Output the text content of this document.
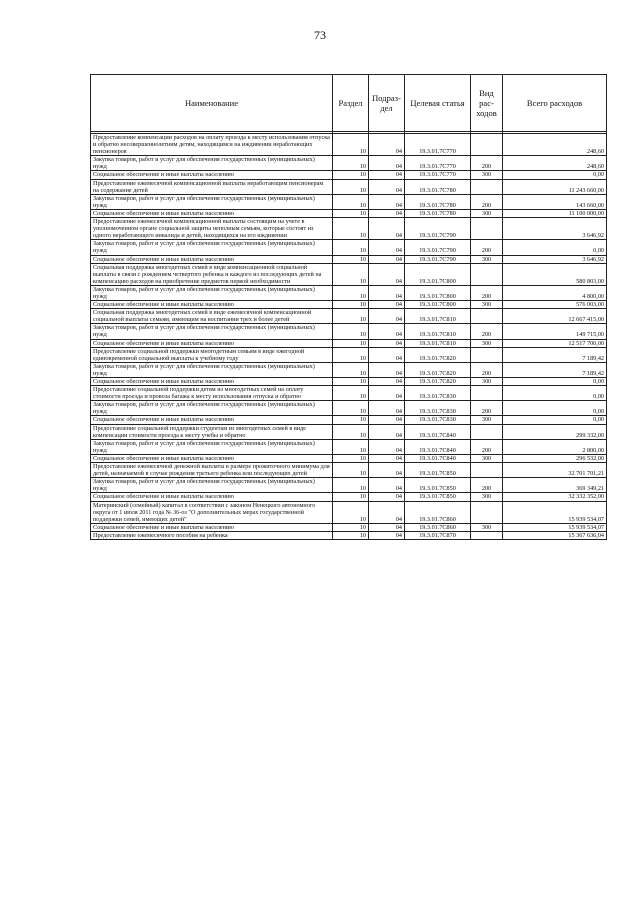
73
Наименование	Раздел	Подраз-дел	Целевая статья	Вид рас-ходов	Всего расходов

Предоставление компенсации расходов на оплату проезда к месту использования отпуска и обратно несовершеннолетним детям, находящимся на иждивении неработающих пенсионеров	10	04	19.3.01.7С770		248,60
Закупка товаров, работ и услуг для обеспечения государственных (муниципальных) нужд	10	04	19.3.01.7С770	200	248,60
Социальное обеспечение и иные выплаты населению	10	04	19.3.01.7С770	300	0,00
Предоставление ежемесячной компенсационной выплаты неработающим пенсионерам на содержание детей	10	04	19.3.01.7С780		11 243 660,00
Закупка товаров, работ и услуг для обеспечения государственных (муниципальных) нужд	10	04	19.3.01.7С780	200	143 660,00
Социальное обеспечение и иные выплаты населению	10	04	19.3.01.7С780	300	11 100 000,00
Предоставление ежемесячной компенсационной выплаты состоящим на учете в уполномоченном органе социальной защиты неполным семьям, которые состоят из одного неработающего инвалида и детей, находящихся на его иждивении	10	04	19.3.01.7С790		3 646,92
Закупка товаров, работ и услуг для обеспечения государственных (муниципальных) нужд	10	04	19.3.01.7С790	200	0,00
Социальное обеспечение и иные выплаты населению	10	04	19.3.01.7С790	300	3 646,92
Социальная поддержка многодетных семей в виде компенсационной социальной выплаты в связи с рождением четвертого ребенка и каждого из последующих детей на компенсацию расходов на приобретение предметов первой необходимости	10	04	19.3.01.7С800		580 803,00
Закупка товаров, работ и услуг для обеспечения государственных (муниципальных) нужд	10	04	19.3.01.7С800	200	4 800,00
Социальное обеспечение и иные выплаты населению	10	04	19.3.01.7С800	300	576 003,00
Социальная поддержка многодетных семей в виде ежемесячной компенсационной социальной выплаты семьям, имеющим на воспитании трех и более детей	10	04	19.3.01.7С810		12 667 415,00
Закупка товаров, работ и услуг для обеспечения государственных (муниципальных) нужд	10	04	19.3.01.7С810	200	149 715,00
Социальное обеспечение и иные выплаты населению	10	04	19.3.01.7С810	300	12 517 700,00
Предоставление социальной поддержки многодетным семьям в виде ежегодной единовременной социальной выплаты к учебному году	10	04	19.3.01.7С820		7 189,42
Закупка товаров, работ и услуг для обеспечения государственных (муниципальных) нужд	10	04	19.3.01.7С820	200	7 189,42
Социальное обеспечение и иные выплаты населению	10	04	19.3.01.7С820	300	0,00
Предоставление социальной поддержки детям из многодетных семей на оплату стоимости проезда и провоза багажа к месту использования отпуска и обратно	10	04	19.3.01.7С830		0,00
Закупка товаров, работ и услуг для обеспечения государственных (муниципальных) нужд	10	04	19.3.01.7С830	200	0,00
Социальное обеспечение и иные выплаты населению	10	04	19.3.01.7С830	300	0,00
Предоставление социальной поддержки студентам из многодетных семей в виде компенсации стоимости проезда к месту учебы и обратно	10	04	19.3.01.7С840		299 332,00
Закупка товаров, работ и услуг для обеспечения государственных (муниципальных) нужд	10	04	19.3.01.7С840	200	2 800,00
Социальное обеспечение и иные выплаты населению	10	04	19.3.01.7С840	300	296 532,00
Предоставление ежемесячной денежной выплаты в размере прожиточного минимума для детей, назначаемой в случае рождения третьего ребенка или последующих детей	10	04	19.3.01.7С850		32 701 701,21
Закупка товаров, работ и услуг для обеспечения государственных (муниципальных) нужд	10	04	19.3.01.7С850	200	369 349,21
Социальное обеспечение и иные выплаты населению	10	04	19.3.01.7С850	300	32 332 352,00
Материнский (семейный) капитал в соответствии с законом Ненецкого автономного округа от 1 июля 2011 года № 36-оз "О дополнительных мерах государственной поддержки семей, имеющих детей"	10	04	19.3.01.7С860		15 939 534,07
Социальное обеспечение и иные выплаты населению	10	04	19.3.01.7С860	300	15 939 534,07
Предоставление ежемесячного пособия на ребенка	10	04	19.3.01.7С870		15 367 636,04
